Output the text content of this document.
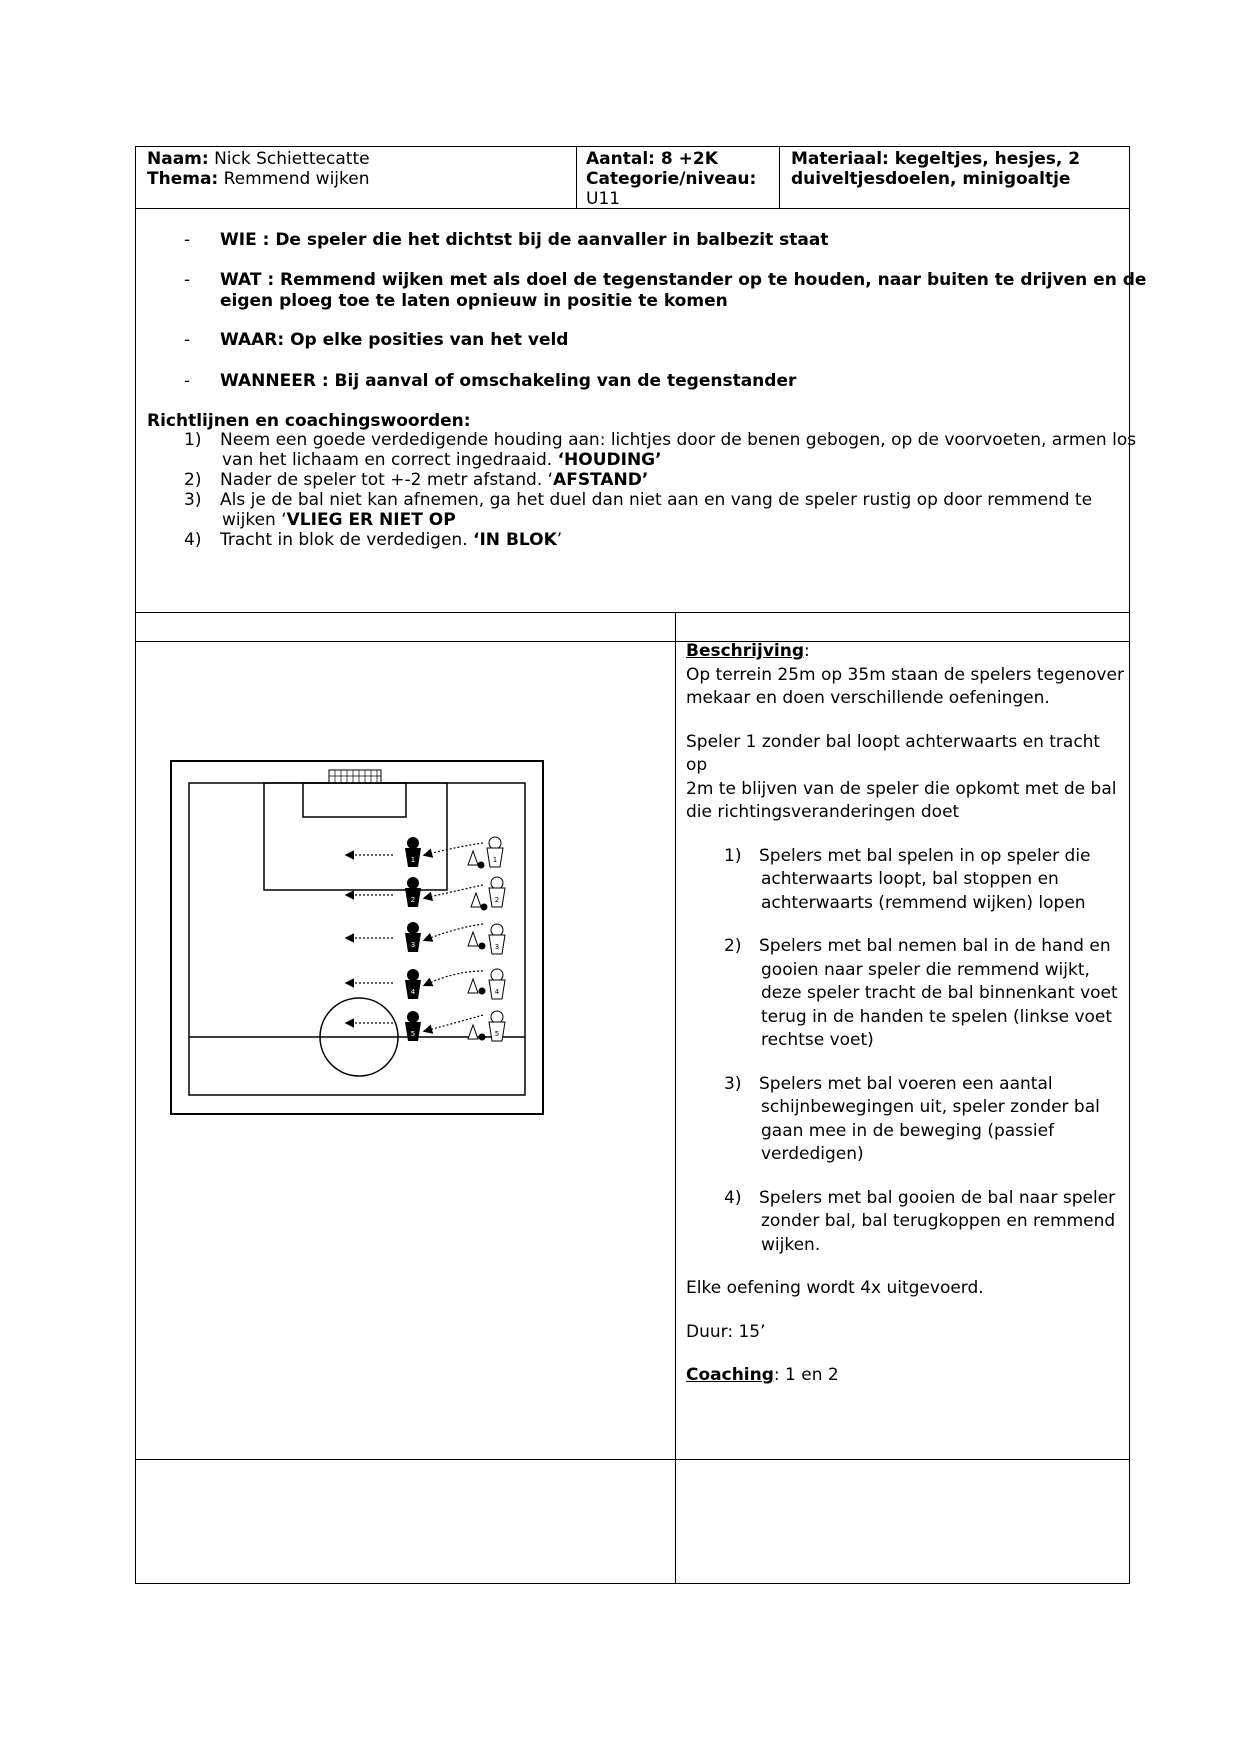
Naam: Nick Schiettecatte
Thema: Remmend wijken
Aantal: 8 +2K
Categorie/niveau:
U11
Materiaal: kegeltjes, hesjes, 2
duiveltjesdoelen, minigoaltje
- WIE : De speler die het dichtst bij de aanvaller in balbezit staat
- WAT : Remmend wijken met als doel de tegenstander op te houden, naar buiten te drijven en de
eigen ploeg toe te laten opnieuw in positie te komen
- WAAR: Op elke posities van het veld
- WANNEER : Bij aanval of omschakeling van de tegenstander
Richtlijnen en coachingswoorden:
1) Neem een goede verdedigende houding aan: lichtjes door de benen gebogen, op de voorvoeten, armen los
van het lichaam en correct ingedraaid. ‘HOUDING’
2) Nader de speler tot +-2 metr afstand. ‘AFSTAND’
3) Als je de bal niet kan afnemen, ga het duel dan niet aan en vang de speler rustig op door remmend te
wijken ‘VLIEG ER NIET OP
4) Tracht in blok de verdedigen. ‘IN BLOK’
Beschrijving:
Op terrein 25m op 35m staan de spelers tegenover
mekaar en doen verschillende oefeningen.
Speler 1 zonder bal loopt achterwaarts en tracht op
2m te blijven van de speler die opkomt met de bal
die richtingsveranderingen doet
1) Spelers met bal spelen in op speler die
achterwaarts loopt, bal stoppen en
achterwaarts (remmend wijken) lopen
2) Spelers met bal nemen bal in de hand en
gooien naar speler die remmend wijkt,
deze speler tracht de bal binnenkant voet
terug in de handen te spelen (linkse voet
rechtse voet)
3) Spelers met bal voeren een aantal
schijnbewegingen uit, speler zonder bal
gaan mee in de beweging (passief
verdedigen)
4) Spelers met bal gooien de bal naar speler
zonder bal, bal terugkoppen en remmend
wijken.
Elke oefening wordt 4x uitgevoerd.
Duur: 15’
Coaching: 1 en 2
1	1
2	2
3	3
4	4
5	5
